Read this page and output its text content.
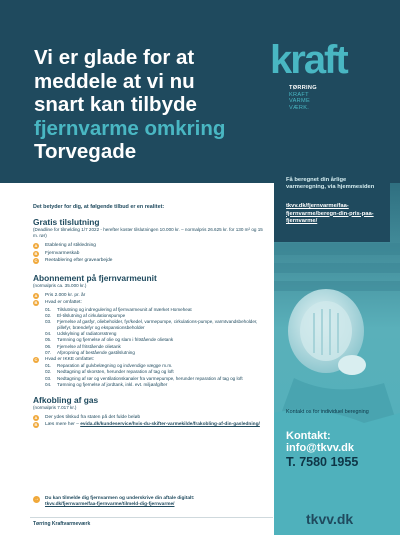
Vi er glade for at
meddele at vi nu
snart kan tilbyde
fjernvarme omkring
Torvegade
kraft
TØRRING
KRAFT
VARME
VÆRK.
Få beregnet din årlige varmeregning, via hjemmesiden
tkvv.dk/fjernvarme/faa-fjernvarme/beregn-din-pris-paa-fjernvarme/
Kontakt os for individuel beregning
Kontakt:
info@tkvv.dk
T. 7580 1955
Det betyder for dig, at følgende tilbud er en realitet:
Gratis tilslutning
(Deadline for tilmelding 1/7 2022 - herefter koster tilslutningen 10.000 kr. – normalpris 26.625 kr. for 130 m² og 15 m. rør)
A	Etablering af stikledning
B	Fjernvarmeskab
C	Reetablering efter gravearbejde
Abonnement på fjernvarmeunit
(normalpris ca. 35.000 kr.)
A	Pris 2.000 kr. pr. år
B	Hvad er omfattet:
01. Tilslutning og indregulering af fjernvarmeunit af mærket Homeheat
02. El-tilslutning af cirkulationspumpe
03. Fjernelse af gasfyr, oliebeholder, fyr/kedel, varmepumpe, cirkulations-pumpe, varmtvandsbeholder, pillefyr, brændefyr og ekspansionsbeholder
04. Udskylning af radiatorsstreng
05. Tømning og fjernelse af olie og slam i fritstående olietank
06. Fjernelse af fritstående olietank
07. Afpropning af bestående gastilslutning
C	Hvad er IKKE omfattet:
01. Reparation af gulvbelægning og indvendige vægge m.m.
02. Nedtagning af skorsten, herunder reparation af tag og loft
03. Nedtagning af rør og ventilationskanaler fra varmepumpe, herunder reparation af tag og loft
04. Tømning og fjernelse af jordtank, inkl. evt. miljøafgifter
Afkobling af gas
(normalpris 7.017 kr.)
A	Der ydes tilskud fra staten på det fulde beløb
B	Læs mere her – evida.dk/kundeservice/hvis-du-skifter-varmekilde/frakobling-af-din-gasledning/
→ Du kan tilmelde dig fjernvarmen og underskrive din aftale digitalt:
tkvv.dk/fjernvarme/faa-fjernvarme/tilmeld-dig-fjernvarme/
Tørring Kraftvarmeværk	tkvv.dk
